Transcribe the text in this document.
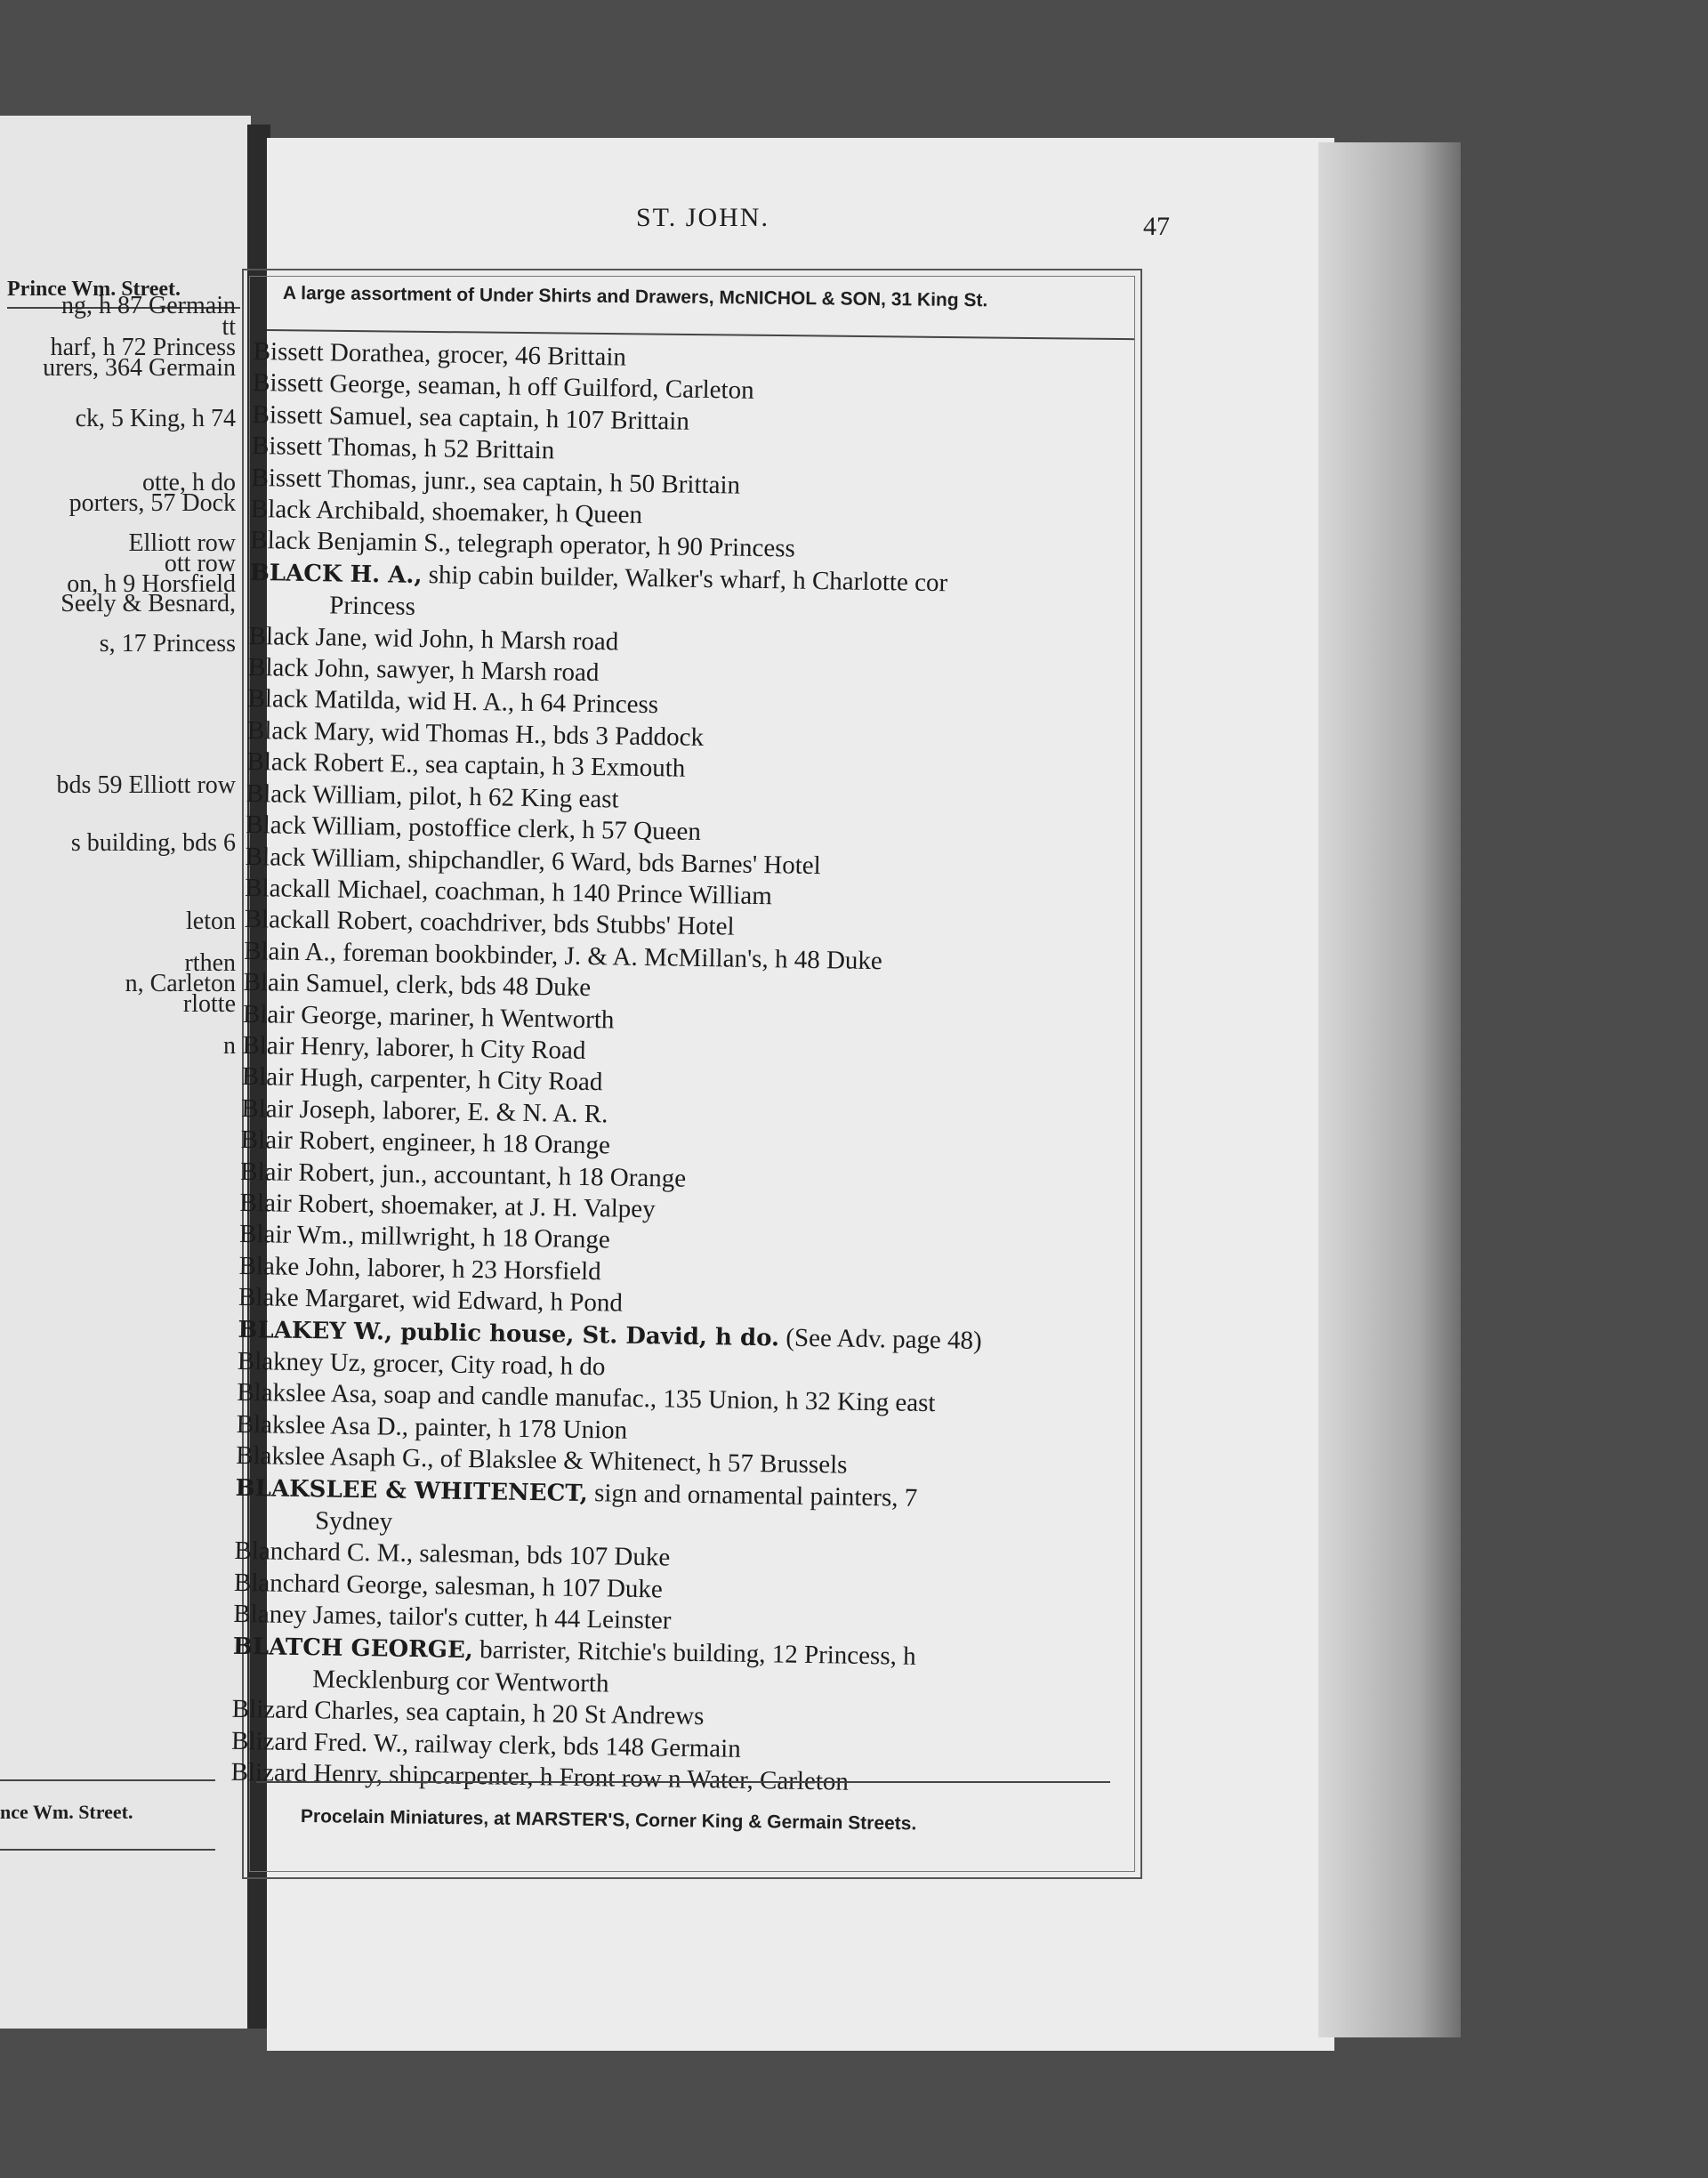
Prince Wm. Street.
ng, h 87 Germain
tt
harf, h 72 Princess
urers, 364 Germain
ck, 5 King, h 74
otte, h do
porters, 57 Dock
Elliott row
ott row
on, h 9 Horsfield
Seely & Besnard,
s, 17 Princess
bds 59 Elliott row
s building, bds 6
leton
rthen
n, Carleton
rlotte
n
nce Wm. Street.
ST. JOHN.	47
A large assortment of Under Shirts and Drawers, McNICHOL & SON, 31 King St.
Bissett Dorathea, grocer, 46 Brittain
Bissett George, seaman, h off Guilford, Carleton
Bissett Samuel, sea captain, h 107 Brittain
Bissett Thomas, h 52 Brittain
Bissett Thomas, junr., sea captain, h 50 Brittain
Black Archibald, shoemaker, h Queen
Black Benjamin S., telegraph operator, h 90 Princess
BLACK H. A., ship cabin builder, Walker's wharf, h Charlotte cor
Princess
Black Jane, wid John, h Marsh road
Black John, sawyer, h Marsh road
Black Matilda, wid H. A., h 64 Princess
Black Mary, wid Thomas H., bds 3 Paddock
Black Robert E., sea captain, h 3 Exmouth
Black William, pilot, h 62 King east
Black William, postoffice clerk, h 57 Queen
Black William, shipchandler, 6 Ward, bds Barnes' Hotel
Blackall Michael, coachman, h 140 Prince William
Blackall Robert, coachdriver, bds Stubbs' Hotel
Blain A., foreman bookbinder, J. & A. McMillan's, h 48 Duke
Blain Samuel, clerk, bds 48 Duke
Blair George, mariner, h Wentworth
Blair Henry, laborer, h City Road
Blair Hugh, carpenter, h City Road
Blair Joseph, laborer, E. & N. A. R.
Blair Robert, engineer, h 18 Orange
Blair Robert, jun., accountant, h 18 Orange
Blair Robert, shoemaker, at J. H. Valpey
Blair Wm., millwright, h 18 Orange
Blake John, laborer, h 23 Horsfield
Blake Margaret, wid Edward, h Pond
BLAKEY W., public house, St. David, h do. (See Adv. page 48)
Blakney Uz, grocer, City road, h do
Blakslee Asa, soap and candle manufac., 135 Union, h 32 King east
Blakslee Asa D., painter, h 178 Union
Blakslee Asaph G., of Blakslee & Whitenect, h 57 Brussels
BLAKSLEE & WHITENECT, sign and ornamental painters, 7
Sydney
Blanchard C. M., salesman, bds 107 Duke
Blanchard George, salesman, h 107 Duke
Blaney James, tailor's cutter, h 44 Leinster
BLATCH GEORGE, barrister, Ritchie's building, 12 Princess, h
Mecklenburg cor Wentworth
Blizard Charles, sea captain, h 20 St Andrews
Blizard Fred. W., railway clerk, bds 148 Germain
Blizard Henry, shipcarpenter, h Front row n Water, Carleton
Procelain Miniatures, at MARSTER'S, Corner King & Germain Streets.
